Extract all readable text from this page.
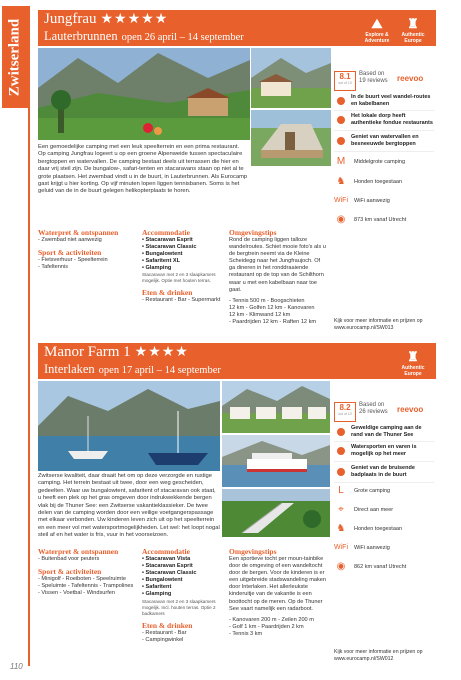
Zwitserland Jungfrau ★★★★★
Lauterbrunnen open 26 april – 14 september
⛰
Explore & Adventure
♜
Authentic Europe
8.1
out of 10
Based on
19 reviews reevoo
In de buurt veel wandel-routes en kabelbanen
Het lokale dorp heeft authentieke fondue restaurants
Geniet van watervallen en besneeuwde bergtoppen
M	Middelgrote camping
♞	Honden toegestaan
WiFi WiFi aanwezig
◉	873 km vanaf Utrecht
Een gemoedelijke camping met een leuk speelterrein en een prima restaurant. Op camping Jungfrau logeert u op een groene Alpenweide tussen spectaculaire bergtoppen en watervallen. De camping bestaat deels uit terrassen die hier en daar vrij steil zijn. De bungalow-, safari-tenten en stacaravans staan op niet al te grote plaatsen. Het zwembad vindt u in de buurt, in Lauterbrunnen. Als Eurocamp gast krijgt u hier korting. Op vijf minuten lopen liggen tennisbanen. Soms is het geluid van de in de buurt gelegen helikopterplaats te horen.
Waterpret & ontspannen
- Zwembad niet aanwezig
Sport & activiteiten
- Fietsverhuur - Speelterrein
- Tafeltennis
Accommodatie
• Stacaravan Esprit
• Stacaravan Classic
• Bungalowtent
• Safaritent XL
• Glamping
Stacaravan met 2 en 3 slaapkamers mogelijk. Optie met houten terras.
Eten & drinken
- Restaurant - Bar - Supermarkt
Omgevingstips
Rond de camping liggen talloze wandelroutes. Schiet mooie foto's als u de bergtrein neemt via de Kleine Scheidegg naar het Jungfraujoch. Of ga dineren in het ronddraaiende restaurant op de top van de Schilthorn waar u met een kabelbaan naar toe gaat.
- Tennis 500 m - Boogschieten
12 km - Golfen 12 km - Kanovaren
12 km - Klimwand 12 km
- Paardrijden 12 km - Raften 12 km	Kijk voor meer informatie en prijzen op
www.eurocamp.nl/SW013
Manor Farm 1 ★★★★
Interlaken open 17 april – 14 september
♜
Authentic Europe
8.2
out of 10
Based on
26 reviews reevoo
Geweldige camping aan de rand van de Thuner See
Watersporten en varen is mogelijk op het meer
Geniet van de bruisende badplaats in de buurt
L	Grote camping
⌖	Direct aan meer
♞	Honden toegestaan
WiFi WiFi aanwezig
◉	862 km vanaf Utrecht
Zwitserse kwaliteit, daar draait het om op deze verzorgde en rustige camping. Het terrein bestaat uit twee, door een weg gescheiden, gedeelten. Waar uw bungalowtent, safaritent of stacaravan ook staat, u heeft een plek op het gras omgeven door indrukwekkende bergen vlak bij de Thuner See: een Zwitserse vakantieklassieker. De twee delen van de camping worden door een veilige voetgangerspassage met elkaar verbonden. Uw kinderen leven zich uit op het speelterrein en een meer vol met watersportmogelijkheden. Let wel: het loopt nogal steil af en het water is fris, vuur in het voorseizoen.
Waterpret & ontspannen
- Buitenbad voor peuters
Sport & activiteiten
- Minigolf - Roeiboten - Speelruimte
- Speluimte - Tafeltennis - Trampolines
- Vissen - Voetbal - Windsurfen
Accommodatie
• Stacaravan Vista
• Stacaravan Esprit
• Stacaravan Classic
• Bungalowtent
• Safaritent
• Glamping
Stacaravan met 2 en 3 slaapkamers mogelijk. Incl. houten terras. Optie 2 badkamers
Eten & drinken
- Restaurant - Bar
- Campingwinkel
Omgevingstips
Een sportieve tocht per moun-tainbike door de omgeving of een wandeltocht door de bergen. Voor de kinderen is er een uitgebreide stadswandeling maken door Interlaken. Het allerleukste kinderuitje van de vakantie is een boottocht op de meren. Op de Thuner See vaart namelijk een radarboot.
- Kanovaren 200 m - Zeilen 200 m
- Golf 1 km - Paardrijden 2 km
- Tennis 3 km
Kijk voor meer informatie en prijzen op
www.eurocamp.nl/SW012
110
